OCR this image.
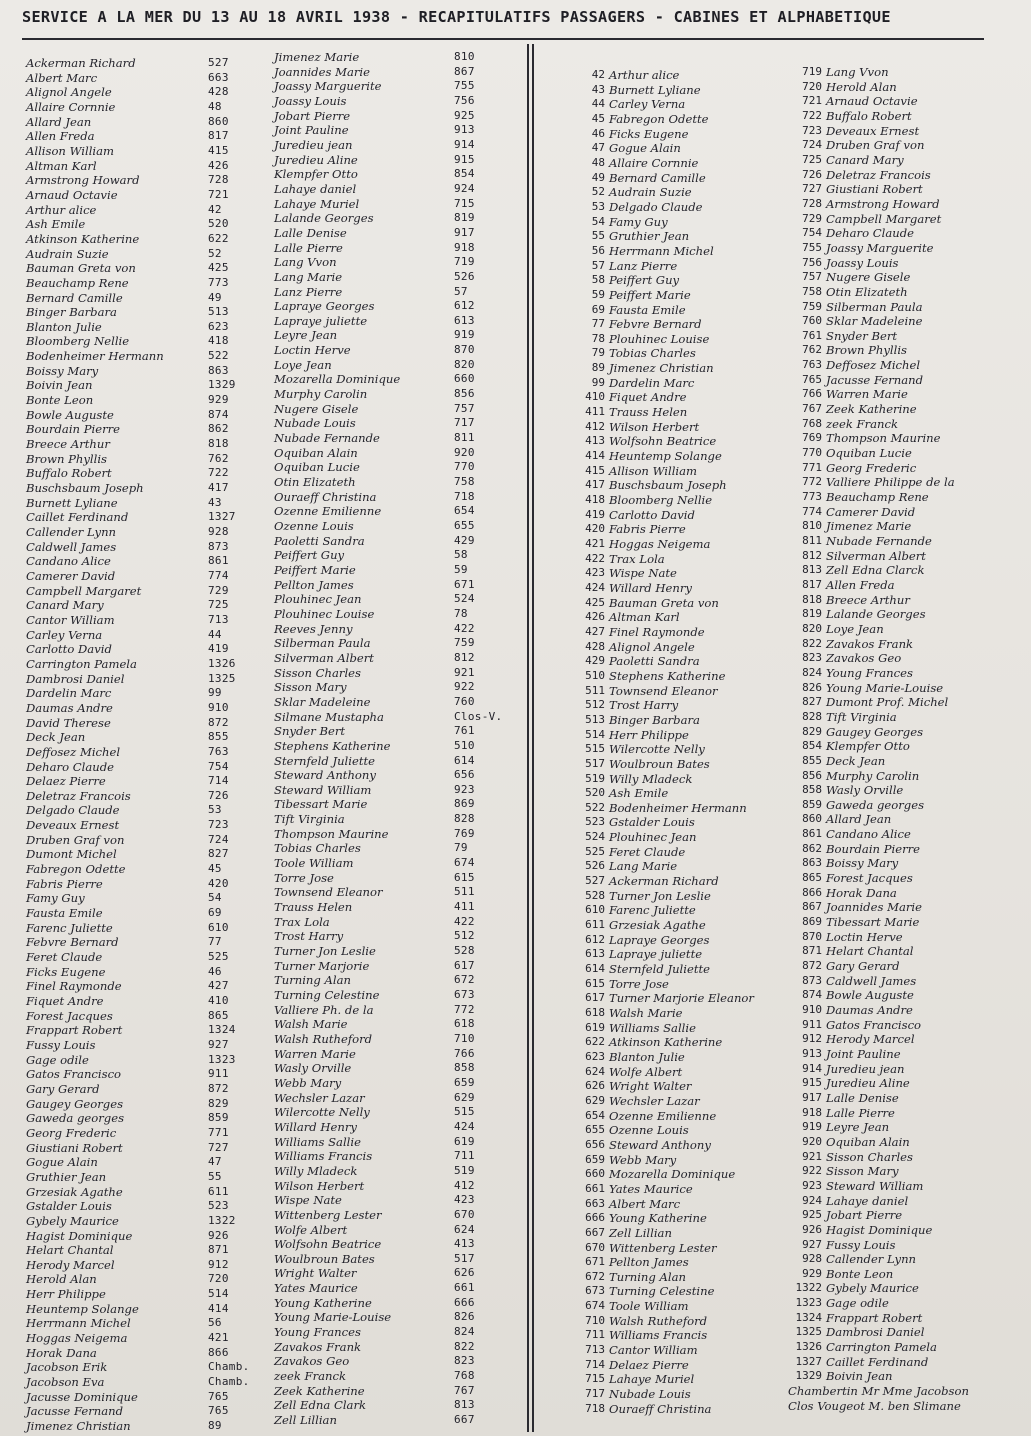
SERVICE A LA MER DU 13 AU 18 AVRIL 1938 - RECAPITULATIFS PASSAGERS - CABINES ET ALPHABETIQUE
Ackerman Richard	527
Albert Marc	663
Alignol Angele	428
Allaire Cornnie	48
Allard Jean	860
Allen Freda	817
Allison William	415
Altman Karl	426
Armstrong Howard	728
Arnaud Octavie	721
Arthur alice	42
Ash Emile	520
Atkinson Katherine	622
Audrain Suzie	52
Bauman Greta von	425
Beauchamp Rene	773
Bernard Camille	49
Binger Barbara	513
Blanton Julie	623
Bloomberg Nellie	418
Bodenheimer Hermann	522
Boissy Mary	863
Boivin Jean	1329
Bonte Leon	929
Bowle Auguste	874
Bourdain Pierre	862
Breece Arthur	818
Brown Phyllis	762
Buffalo Robert	722
Buschsbaum Joseph	417
Burnett Lyliane	43
Caillet Ferdinand	1327
Callender Lynn	928
Caldwell James	873
Candano Alice	861
Camerer David	774
Campbell Margaret	729
Canard Mary	725
Cantor William	713
Carley Verna	44
Carlotto David	419
Carrington Pamela	1326
Dambrosi Daniel	1325
Dardelin Marc	99
Daumas Andre	910
David Therese	872
Deck Jean	855
Deffosez Michel	763
Deharo Claude	754
Delaez Pierre	714
Deletraz Francois	726
Delgado Claude	53
Deveaux Ernest	723
Druben Graf von	724
Dumont Michel	827
Fabregon Odette	45
Fabris Pierre	420
Famy Guy	54
Fausta Emile	69
Farenc Juliette	610
Febvre Bernard	77
Feret Claude	525
Ficks Eugene	46
Finel Raymonde	427
Fiquet Andre	410
Forest Jacques	865
Frappart Robert	1324
Fussy Louis	927
Gage odile	1323
Gatos Francisco	911
Gary Gerard	872
Gaugey Georges	829
Gaweda georges	859
Georg Frederic	771
Giustiani Robert	727
Gogue Alain	47
Gruthier Jean	55
Grzesiak Agathe	611
Gstalder Louis	523
Gybely Maurice	1322
Hagist Dominique	926
Helart Chantal	871
Herody Marcel	912
Herold Alan	720
Herr Philippe	514
Heuntemp Solange	414
Herrmann Michel	56
Hoggas Neigema	421
Horak Dana	866
Jacobson Erik	Chamb.
Jacobson Eva	Chamb.
Jacusse Dominique	765
Jacusse Fernand	765
Jimenez Christian	89
Jimenez Marie	810
Joannides Marie	867
Joassy Marguerite	755
Joassy Louis	756
Jobart Pierre	925
Joint Pauline	913
Juredieu jean	914
Juredieu Aline	915
Klempfer Otto	854
Lahaye daniel	924
Lahaye Muriel	715
Lalande Georges	819
Lalle Denise	917
Lalle Pierre	918
Lang Vvon	719
Lang Marie	526
Lanz Pierre	57
Lapraye Georges	612
Lapraye juliette	613
Leyre Jean	919
Loctin Herve	870
Loye Jean	820
Mozarella Dominique	660
Murphy Carolin	856
Nugere Gisele	757
Nubade Louis	717
Nubade Fernande	811
Oquiban Alain	920
Oquiban Lucie	770
Otin Elizateth	758
Ouraeff Christina	718
Ozenne Emilienne	654
Ozenne Louis	655
Paoletti Sandra	429
Peiffert Guy	58
Peiffert Marie	59
Pellton James	671
Plouhinec Jean	524
Plouhinec Louise	78
Reeves Jenny	422
Silberman Paula	759
Silverman Albert	812
Sisson Charles	921
Sisson Mary	922
Sklar Madeleine	760
Silmane Mustapha	Clos-V.
Snyder Bert	761
Stephens Katherine	510
Sternfeld Juliette	614
Steward Anthony	656
Steward William	923
Tibessart Marie	869
Tift Virginia	828
Thompson Maurine	769
Tobias Charles	79
Toole William	674
Torre Jose	615
Townsend Eleanor	511
Trauss Helen	411
Trax Lola	422
Trost Harry	512
Turner Jon Leslie	528
Turner Marjorie	617
Turning Alan	672
Turning Celestine	673
Valliere Ph. de la	772
Walsh Marie	618
Walsh Rutheford	710
Warren Marie	766
Wasly Orville	858
Webb Mary	659
Wechsler Lazar	629
Wilercotte Nelly	515
Willard Henry	424
Williams Sallie	619
Williams Francis	711
Willy Mladeck	519
Wilson Herbert	412
Wispe Nate	423
Wittenberg Lester	670
Wolfe Albert	624
Wolfsohn Beatrice	413
Woulbroun Bates	517
Wright Walter	626
Yates Maurice	661
Young Katherine	666
Young Marie-Louise	826
Young Frances	824
Zavakos Frank	822
Zavakos Geo	823
zeek Franck	768
Zeek Katherine	767
Zell Edna Clark	813
Zell Lillian	667
42 Arthur alice
43 Burnett Lyliane
44 Carley Verna
45 Fabregon Odette
46 Ficks Eugene
47 Gogue Alain
48 Allaire Cornnie
49 Bernard Camille
52 Audrain Suzie
53 Delgado Claude
54 Famy Guy
55 Gruthier Jean
56 Herrmann Michel
57 Lanz Pierre
58 Peiffert Guy
59 Peiffert Marie
69 Fausta Emile
77 Febvre Bernard
78 Plouhinec Louise
79 Tobias Charles
89 Jimenez Christian
99 Dardelin Marc
410 Fiquet Andre
411 Trauss Helen
412 Wilson Herbert
413 Wolfsohn Beatrice
414 Heuntemp Solange
415 Allison William
417 Buschsbaum Joseph
418 Bloomberg Nellie
419 Carlotto David
420 Fabris Pierre
421 Hoggas Neigema
422 Trax Lola
423 Wispe Nate
424 Willard Henry
425 Bauman Greta von
426 Altman Karl
427 Finel Raymonde
428 Alignol Angele
429 Paoletti Sandra
510 Stephens Katherine
511 Townsend Eleanor
512 Trost Harry
513 Binger Barbara
514 Herr Philippe
515 Wilercotte Nelly
517 Woulbroun Bates
519 Willy Mladeck
520 Ash Emile
522 Bodenheimer Hermann
523 Gstalder Louis
524 Plouhinec Jean
525 Feret Claude
526 Lang Marie
527 Ackerman Richard
528 Turner Jon Leslie
610 Farenc Juliette
611 Grzesiak Agathe
612 Lapraye Georges
613 Lapraye juliette
614 Sternfeld Juliette
615 Torre Jose
617 Turner Marjorie Eleanor
618 Walsh Marie
619 Williams Sallie
622 Atkinson Katherine
623 Blanton Julie
624 Wolfe Albert
626 Wright Walter
629 Wechsler Lazar
654 Ozenne Emilienne
655 Ozenne Louis
656 Steward Anthony
659 Webb Mary
660 Mozarella Dominique
661 Yates Maurice
663 Albert Marc
666 Young Katherine
667 Zell Lillian
670 Wittenberg Lester
671 Pellton James
672 Turning Alan
673 Turning Celestine
674 Toole William
710 Walsh Rutheford
711 Williams Francis
713 Cantor William
714 Delaez Pierre
715 Lahaye Muriel
717 Nubade Louis
718 Ouraeff Christina
719 Lang Vvon
720 Herold Alan
721 Arnaud Octavie
722 Buffalo Robert
723 Deveaux Ernest
724 Druben Graf von
725 Canard Mary
726 Deletraz Francois
727 Giustiani Robert
728 Armstrong Howard
729 Campbell Margaret
754 Deharo Claude
755 Joassy Marguerite
756 Joassy Louis
757 Nugere Gisele
758 Otin Elizateth
759 Silberman Paula
760 Sklar Madeleine
761 Snyder Bert
762 Brown Phyllis
763 Deffosez Michel
765 Jacusse Fernand
766 Warren Marie
767 Zeek Katherine
768 zeek Franck
769 Thompson Maurine
770 Oquiban Lucie
771 Georg Frederic
772 Valliere Philippe de la
773 Beauchamp Rene
774 Camerer David
810 Jimenez Marie
811 Nubade Fernande
812 Silverman Albert
813 Zell Edna Clarck
817 Allen Freda
818 Breece Arthur
819 Lalande Georges
820 Loye Jean
822 Zavakos Frank
823 Zavakos Geo
824 Young Frances
826 Young Marie-Louise
827 Dumont Prof. Michel
828 Tift Virginia
829 Gaugey Georges
854 Klempfer Otto
855 Deck Jean
856 Murphy Carolin
858 Wasly Orville
859 Gaweda georges
860 Allard Jean
861 Candano Alice
862 Bourdain Pierre
863 Boissy Mary
865 Forest Jacques
866 Horak Dana
867 Joannides Marie
869 Tibessart Marie
870 Loctin Herve
871 Helart Chantal
872 Gary Gerard
873 Caldwell James
874 Bowle Auguste
910 Daumas Andre
911 Gatos Francisco
912 Herody Marcel
913 Joint Pauline
914 Juredieu jean
915 Juredieu Aline
917 Lalle Denise
918 Lalle Pierre
919 Leyre Jean
920 Oquiban Alain
921 Sisson Charles
922 Sisson Mary
923 Steward William
924 Lahaye daniel
925 Jobart Pierre
926 Hagist Dominique
927 Fussy Louis
928 Callender Lynn
929 Bonte Leon
1322 Gybely Maurice
1323 Gage odile
1324 Frappart Robert
1325 Dambrosi Daniel
1326 Carrington Pamela
1327 Caillet Ferdinand
1329 Boivin Jean
Chambertin Mr Mme Jacobson
Clos Vougeot M. ben Slimane
